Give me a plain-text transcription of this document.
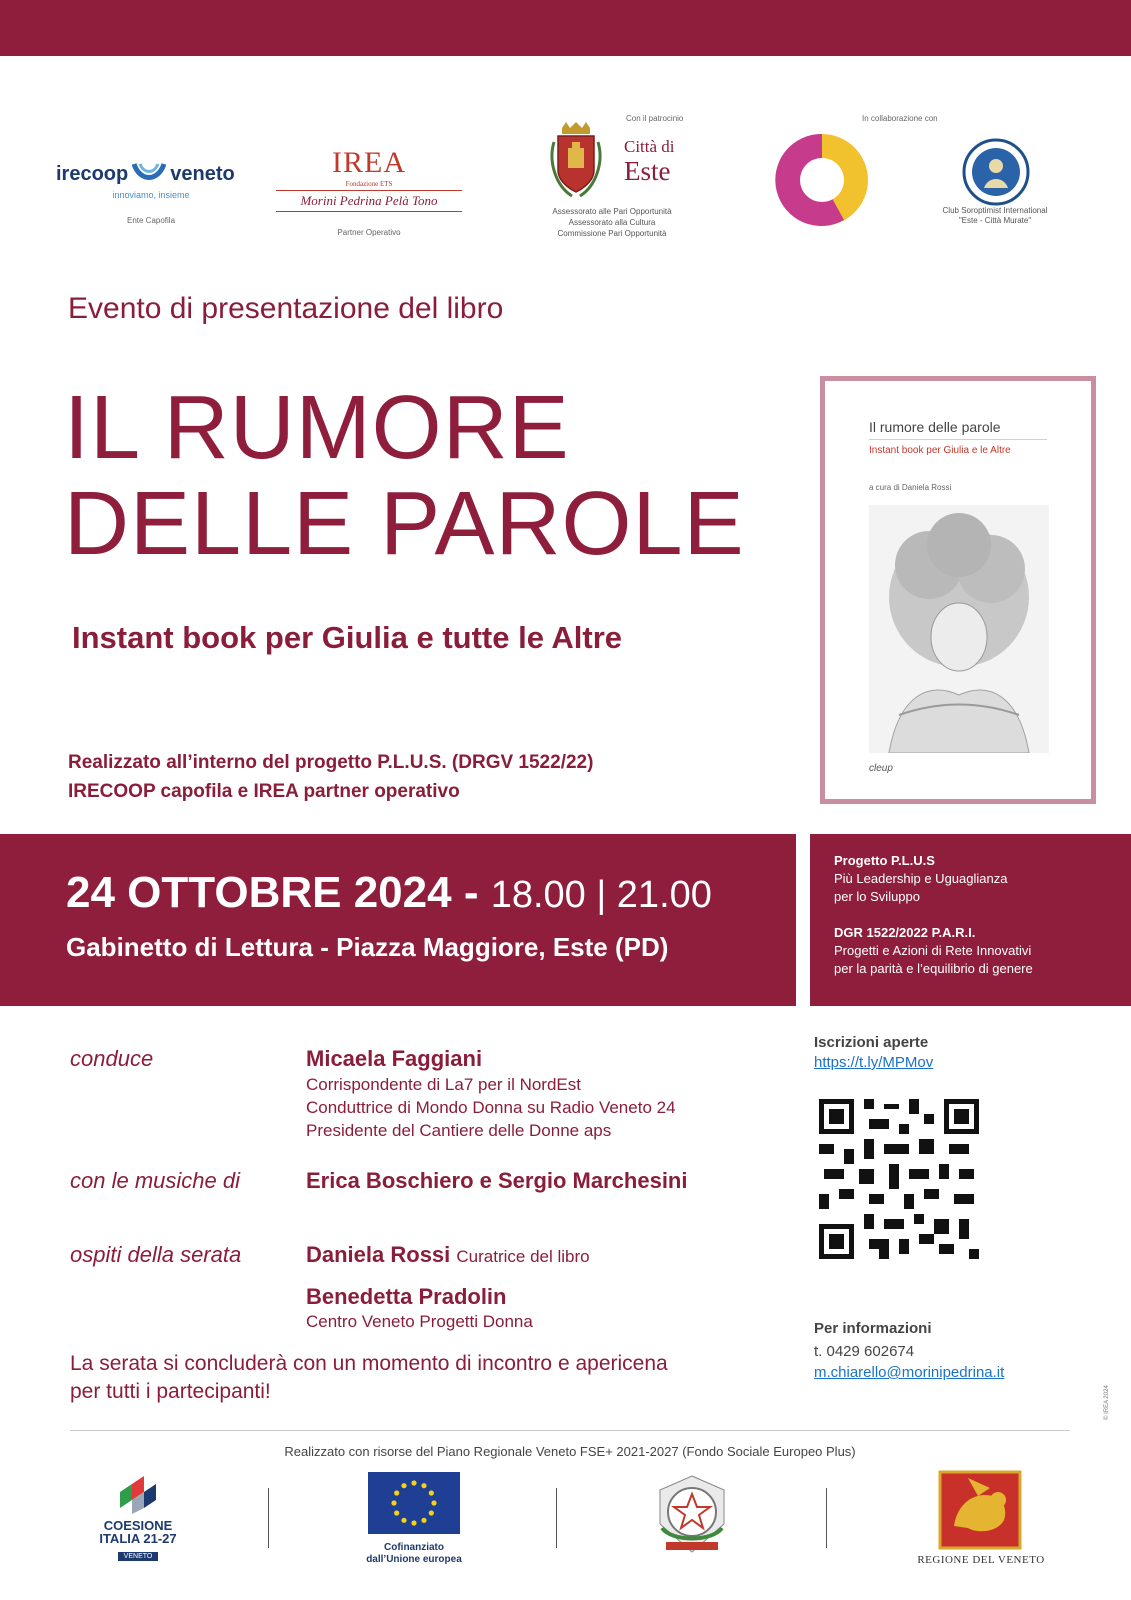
irecoop veneto
innoviamo, insieme
Ente Capofila
IREA
Fondazione ETS
Morini Pedrina Pelà Tono
Partner Operativo
Con il patrocinio
Città di
Este
Assessorato alle Pari Opportunità
Assessorato alla Cultura
Commissione Pari Opportunità
In collaborazione con
Club Soroptimist International
"Este - Città Murate"
Evento di presentazione del libro
IL RUMORE
DELLE PAROLE
Instant book per Giulia e tutte le Altre
Realizzato all’interno del progetto P.L.U.S. (DRGV 1522/22)
IRECOOP capofila e IREA partner operativo
Il rumore delle parole
Instant book per Giulia e le Altre
a cura di Daniela Rossi
cleup
24 OTTOBRE 2024 - 18.00 | 21.00
Gabinetto di Lettura - Piazza Maggiore, Este (PD)
Progetto P.L.U.S
Più Leadership e Uguaglianza
per lo Sviluppo
DGR 1522/2022 P.A.R.I.
Progetti e Azioni di Rete Innovativi
per la parità e l’equilibrio di genere
conduce	Micaela Faggiani
Corrispondente di La7 per il NordEst
Conduttrice di Mondo Donna su Radio Veneto 24
Presidente del Cantiere delle Donne aps
con le musiche di	Erica Boschiero e Sergio Marchesini
ospiti della serata	Daniela Rossi Curatrice del libro
Benedetta Pradolin
Centro Veneto Progetti Donna
La serata si concluderà con un momento di incontro e apericena
per tutti i partecipanti!
Iscrizioni aperte
https://t.ly/MPMov
Per informazioni
t. 0429 602674
m.chiarello@morinipedrina.it
Realizzato con risorse del Piano Regionale Veneto FSE+ 2021-2027 (Fondo Sociale Europeo Plus)
© IREA 2024
COESIONE
ITALIA 21-27
VENETO
Cofinanziato
dall’Unione europea	REGIONE DEL VENETO
